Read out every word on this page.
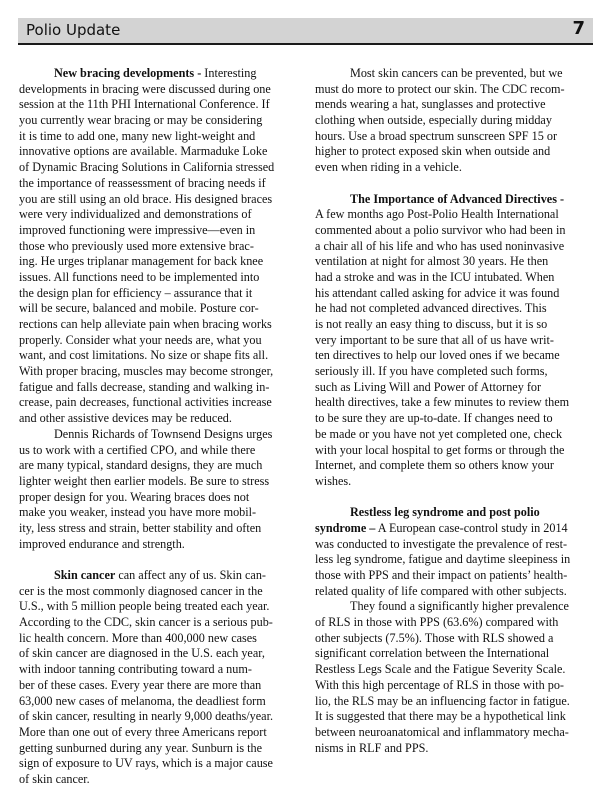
Polio Update	7
New bracing developments - Interesting
developments in bracing were discussed during one
session at the 11th PHI International Conference. If
you currently wear bracing or may be considering
it is time to add one, many new light-weight and
innovative options are available. Marmaduke Loke
of Dynamic Bracing Solutions in California stressed
the importance of reassessment of bracing needs if
you are still using an old brace. His designed braces
were very individualized and demonstrations of
improved functioning were impressive—even in
those who previously used more extensive brac-
ing. He urges triplanar management for back knee
issues. All functions need to be implemented into
the design plan for efficiency – assurance that it
will be secure, balanced and mobile. Posture cor-
rections can help alleviate pain when bracing works
properly. Consider what your needs are, what you
want, and cost limitations. No size or shape fits all.
With proper bracing, muscles may become stronger,
fatigue and falls decrease, standing and walking in-
crease, pain decreases, functional activities increase
and other assistive devices may be reduced.
Dennis Richards of Townsend Designs urges
us to work with a certified CPO, and while there
are many typical, standard designs, they are much
lighter weight then earlier models. Be sure to stress
proper design for you. Wearing braces does not
make you weaker, instead you have more mobil-
ity, less stress and strain, better stability and often
improved endurance and strength.
Skin cancer can affect any of us. Skin can-
cer is the most commonly diagnosed cancer in the
U.S., with 5 million people being treated each year.
According to the CDC, skin cancer is a serious pub-
lic health concern. More than 400,000 new cases
of skin cancer are diagnosed in the U.S. each year,
with indoor tanning contributing toward a num-
ber of these cases. Every year there are more than
63,000 new cases of melanoma, the deadliest form
of skin cancer, resulting in nearly 9,000 deaths/year.
More than one out of every three Americans report
getting sunburned during any year. Sunburn is the
sign of exposure to UV rays, which is a major cause
of skin cancer.
Most skin cancers can be prevented, but we
must do more to protect our skin. The CDC recom-
mends wearing a hat, sunglasses and protective
clothing when outside, especially during midday
hours. Use a broad spectrum sunscreen SPF 15 or
higher to protect exposed skin when outside and
even when riding in a vehicle.
The Importance of Advanced Directives -
A few months ago Post-Polio Health International
commented about a polio survivor who had been in
a chair all of his life and who has used noninvasive
ventilation at night for almost 30 years. He then
had a stroke and was in the ICU intubated. When
his attendant called asking for advice it was found
he had not completed advanced directives. This
is not really an easy thing to discuss, but it is so
very important to be sure that all of us have writ-
ten directives to help our loved ones if we became
seriously ill. If you have completed such forms,
such as Living Will and Power of Attorney for
health directives, take a few minutes to review them
to be sure they are up-to-date. If changes need to
be made or you have not yet completed one, check
with your local hospital to get forms or through the
Internet, and complete them so others know your
wishes.
Restless leg syndrome and post polio
syndrome – A European case-control study in 2014
was conducted to investigate the prevalence of rest-
less leg syndrome, fatigue and daytime sleepiness in
those with PPS and their impact on patients’ health-
related quality of life compared with other subjects.
They found a significantly higher prevalence
of RLS in those with PPS (63.6%) compared with
other subjects (7.5%). Those with RLS showed a
significant correlation between the International
Restless Legs Scale and the Fatigue Severity Scale.
With this high percentage of RLS in those with po-
lio, the RLS may be an influencing factor in fatigue.
It is suggested that there may be a hypothetical link
between neuroanatomical and inflammatory mecha-
nisms in RLF and PPS.
